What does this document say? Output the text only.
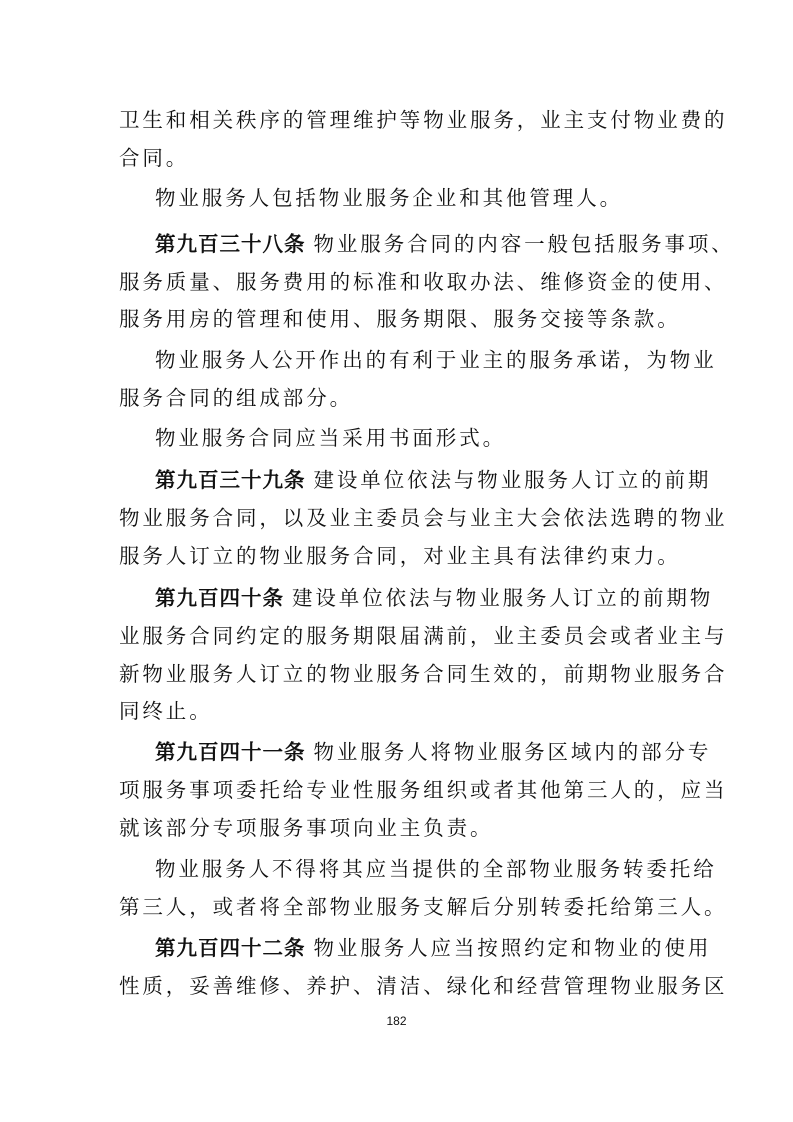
卫生和相关秩序的管理维护等物业服务，业主支付物业费的
合同。
物业服务人包括物业服务企业和其他管理人。
第九百三十八条 物业服务合同的内容一般包括服务事项、
服务质量、服务费用的标准和收取办法、维修资金的使用、
服务用房的管理和使用、服务期限、服务交接等条款。
物业服务人公开作出的有利于业主的服务承诺，为物业
服务合同的组成部分。
物业服务合同应当采用书面形式。
第九百三十九条 建设单位依法与物业服务人订立的前期
物业服务合同，以及业主委员会与业主大会依法选聘的物业
服务人订立的物业服务合同，对业主具有法律约束力。
第九百四十条 建设单位依法与物业服务人订立的前期物
业服务合同约定的服务期限届满前，业主委员会或者业主与
新物业服务人订立的物业服务合同生效的，前期物业服务合
同终止。
第九百四十一条 物业服务人将物业服务区域内的部分专
项服务事项委托给专业性服务组织或者其他第三人的，应当
就该部分专项服务事项向业主负责。
物业服务人不得将其应当提供的全部物业服务转委托给
第三人，或者将全部物业服务支解后分别转委托给第三人。
第九百四十二条 物业服务人应当按照约定和物业的使用
性质，妥善维修、养护、清洁、绿化和经营管理物业服务区
182
